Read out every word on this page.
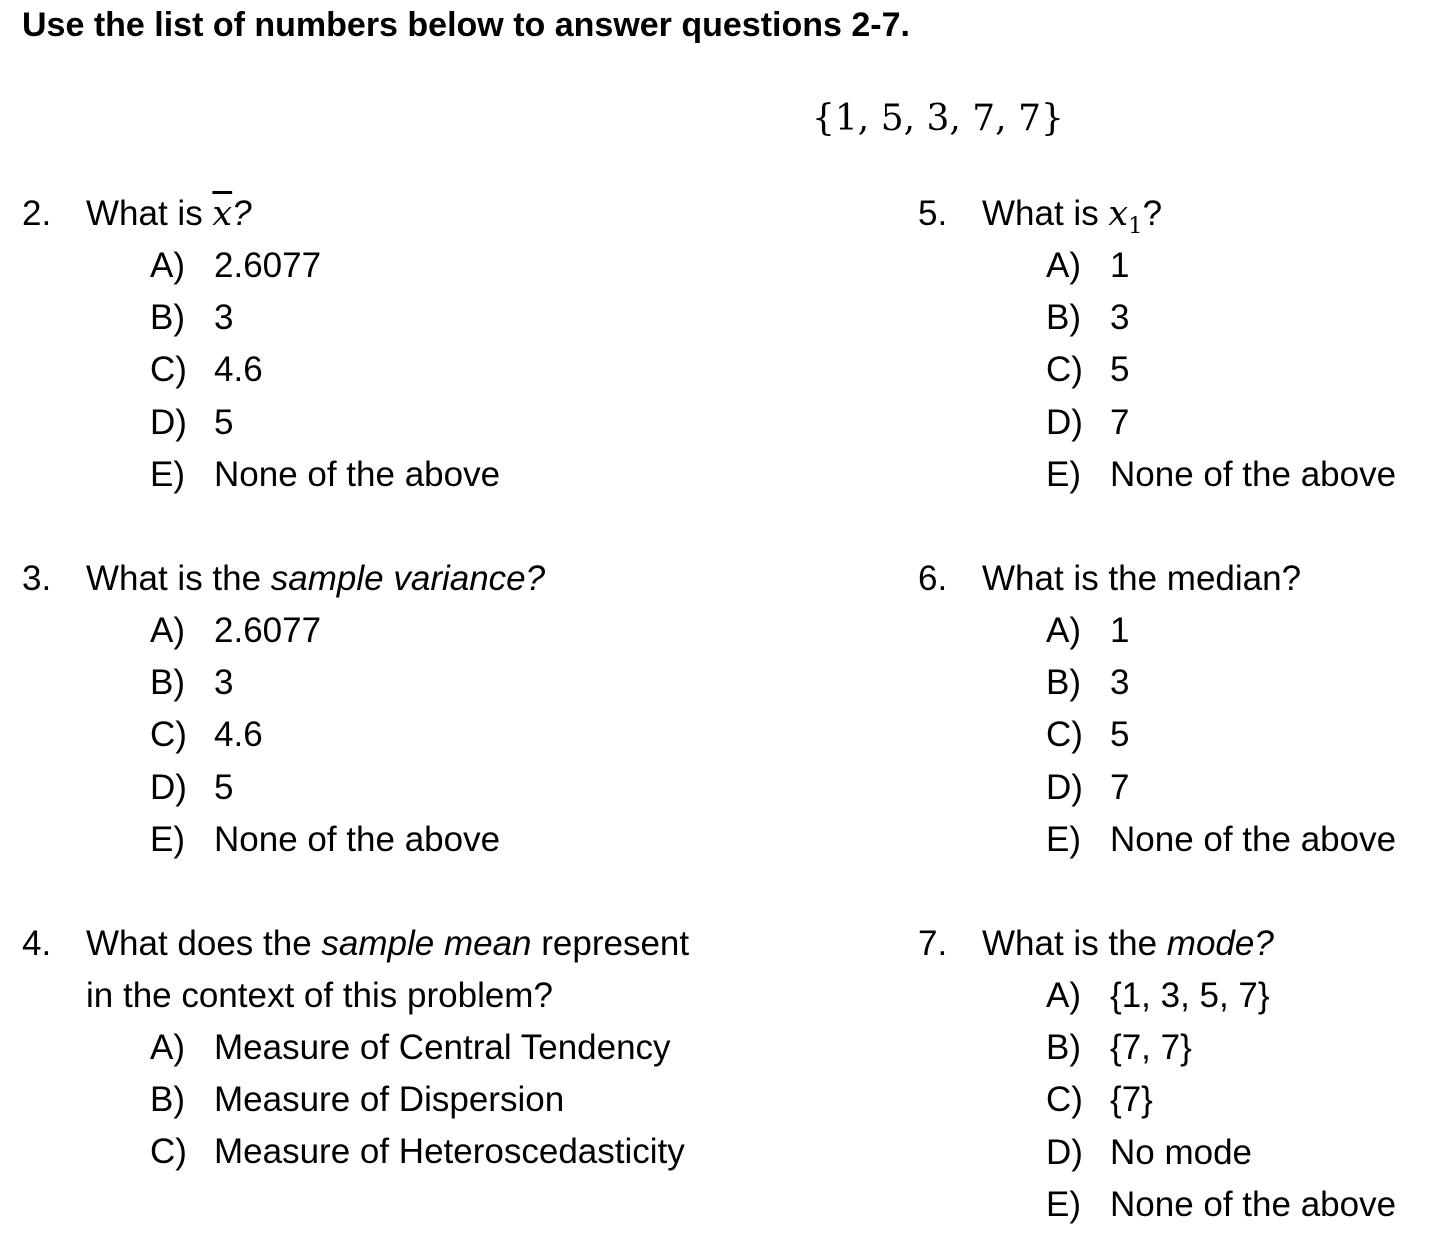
Use the list of numbers below to answer questions 2-7.
{1, 5, 3, 7, 7}
2. What is $\overline{x}$?
A) 2.6077
B) 3
C) 4.6
D) 5
E) None of the above
3. What is the sample variance?
A) 2.6077
B) 3
C) 4.6
D) 5
E) None of the above
4. What does the sample mean represent
in the context of this problem?
A) Measure of Central Tendency
B) Measure of Dispersion
C) Measure of Heteroscedasticity
5. What is $x_1$?
A) 1
B) 3
C) 5
D) 7
E) None of the above
6. What is the median?
A) 1
B) 3
C) 5
D) 7
E) None of the above
7. What is the mode?
A) {1, 3, 5, 7}
B) {7, 7}
C) {7}
D) No mode
E) None of the above
